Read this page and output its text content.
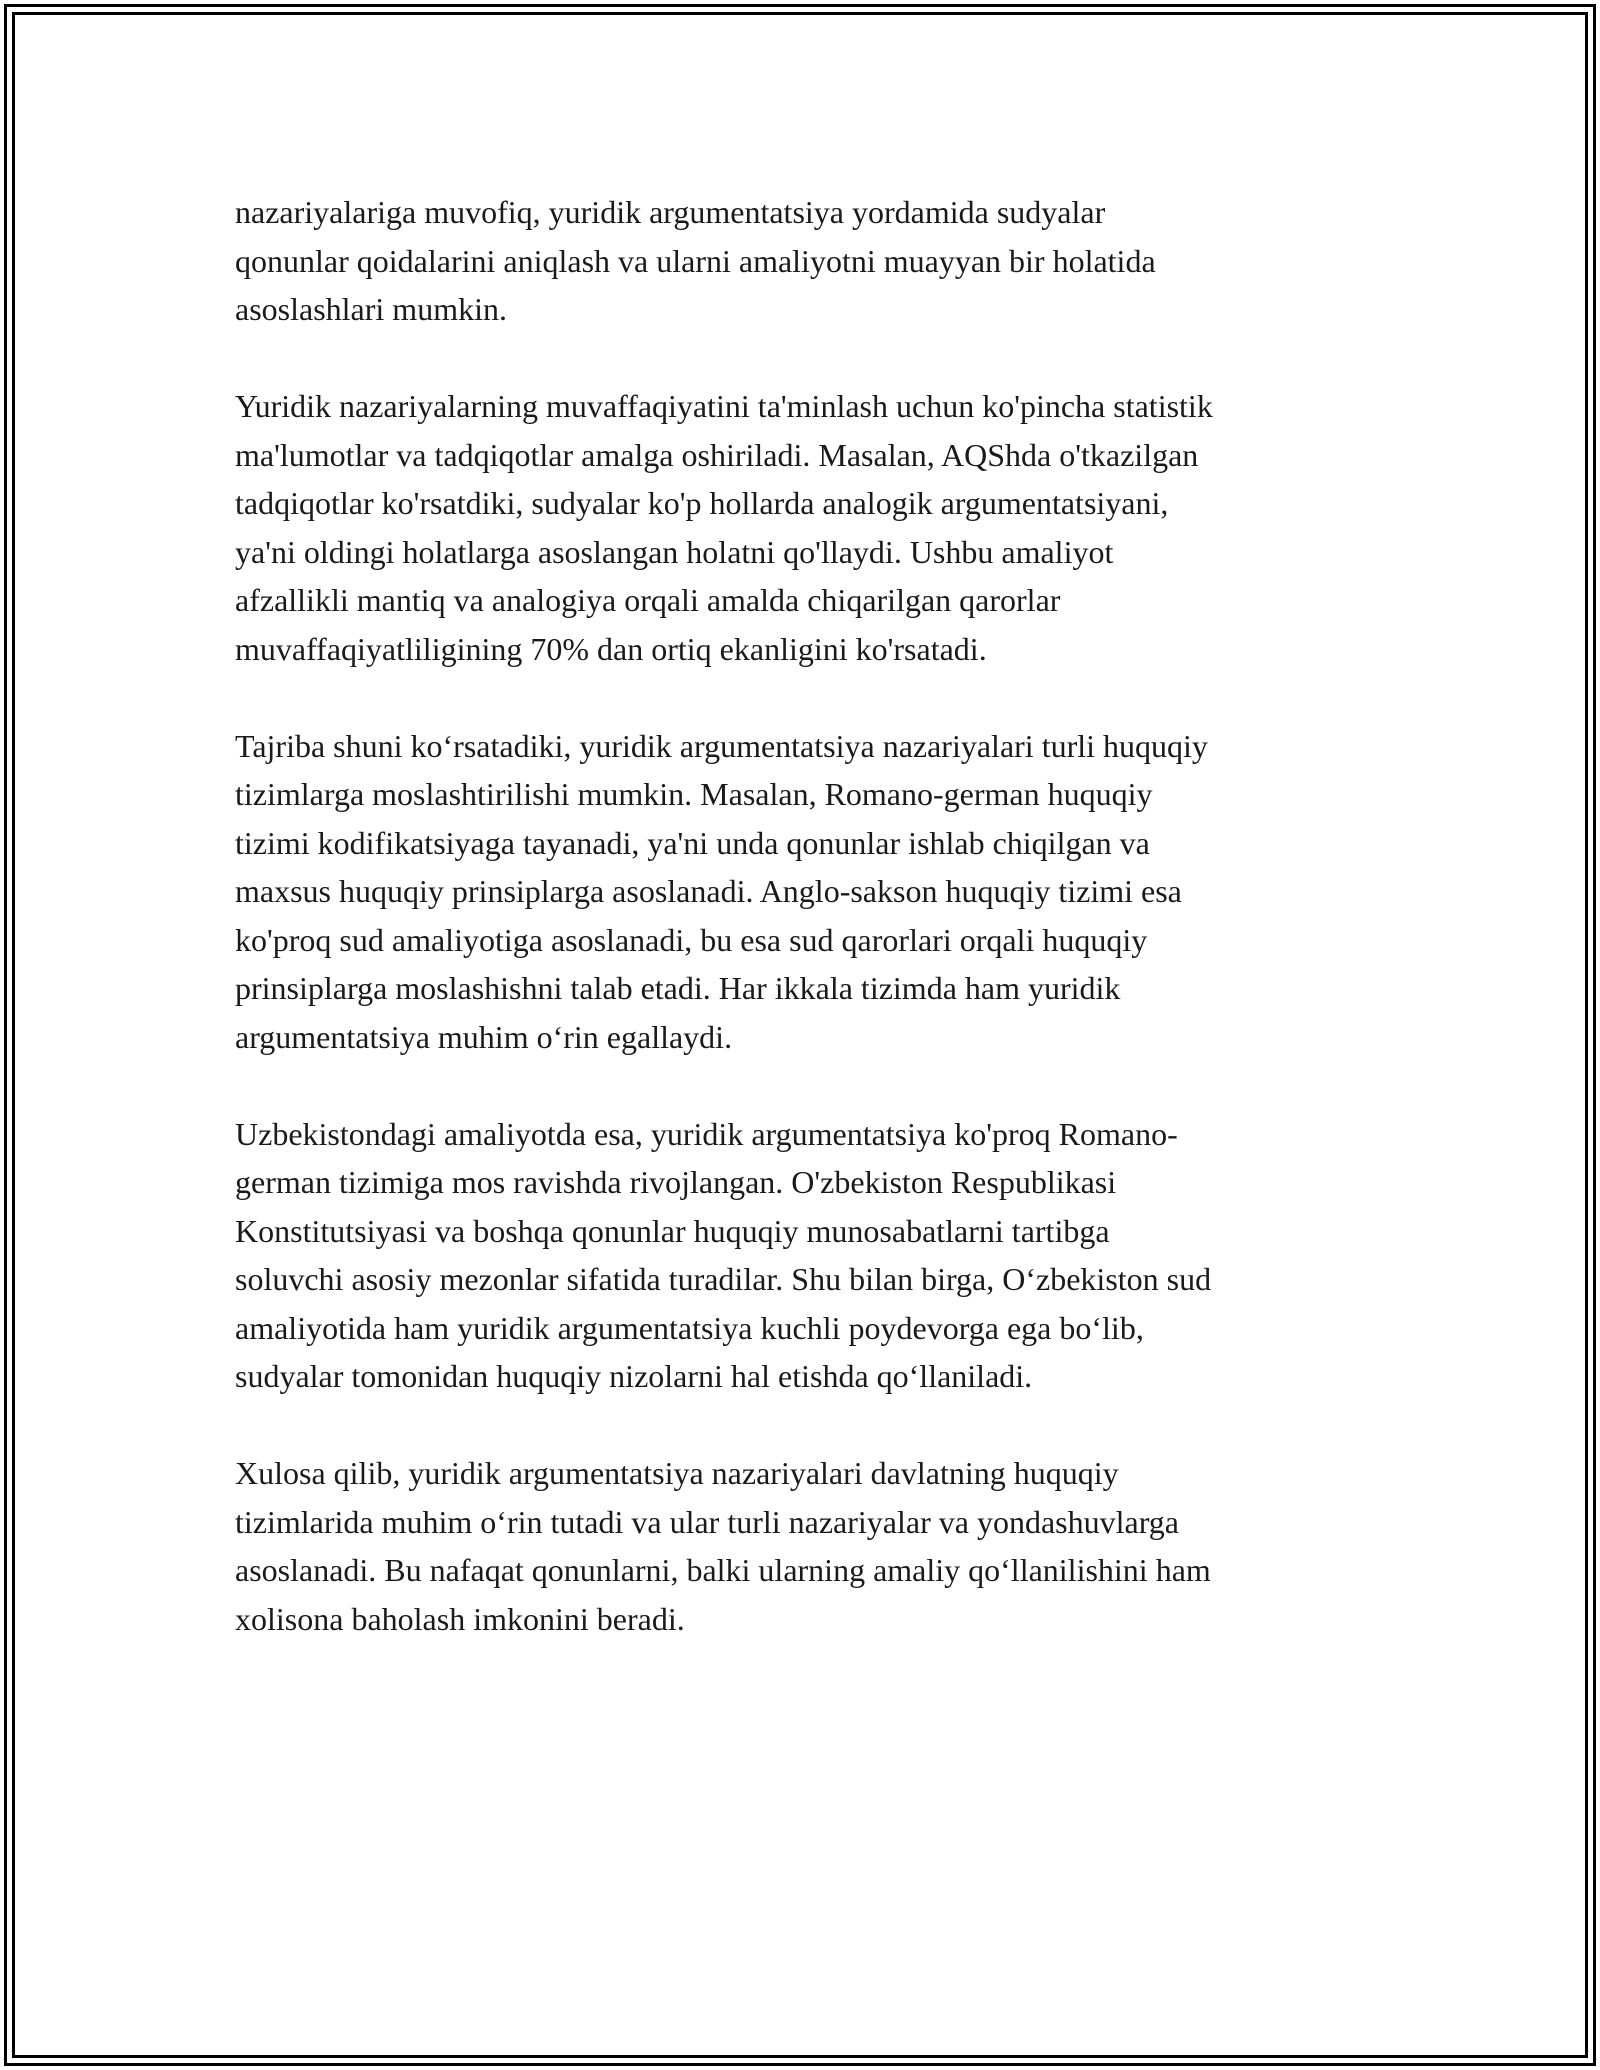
nazariyalariga muvofiq, yuridik argumentatsiya yordamida sudyalar
qonunlar qoidalarini aniqlash va ularni amaliyotni muayyan bir holatida
asoslashlari mumkin.

Yuridik nazariyalarning muvaffaqiyatini ta'minlash uchun ko'pincha statistik
ma'lumotlar va tadqiqotlar amalga oshiriladi. Masalan, AQShda o'tkazilgan
tadqiqotlar ko'rsatdiki, sudyalar ko'p hollarda analogik argumentatsiyani,
ya'ni oldingi holatlarga asoslangan holatni qo'llaydi. Ushbu amaliyot
afzallikli mantiq va analogiya orqali amalda chiqarilgan qarorlar
muvaffaqiyatliligining 70% dan ortiq ekanligini ko'rsatadi.

Tajriba shuni ko‘rsatadiki, yuridik argumentatsiya nazariyalari turli huquqiy
tizimlarga moslashtirilishi mumkin. Masalan, Romano-german huquqiy
tizimi kodifikatsiyaga tayanadi, ya'ni unda qonunlar ishlab chiqilgan va
maxsus huquqiy prinsiplarga asoslanadi. Anglo-sakson huquqiy tizimi esa
ko'proq sud amaliyotiga asoslanadi, bu esa sud qarorlari orqali huquqiy
prinsiplarga moslashishni talab etadi. Har ikkala tizimda ham yuridik
argumentatsiya muhim o‘rin egallaydi.

Uzbekistondagi amaliyotda esa, yuridik argumentatsiya ko'proq Romano-
german tizimiga mos ravishda rivojlangan. O'zbekiston Respublikasi
Konstitutsiyasi va boshqa qonunlar huquqiy munosabatlarni tartibga
soluvchi asosiy mezonlar sifatida turadilar. Shu bilan birga, O‘zbekiston sud
amaliyotida ham yuridik argumentatsiya kuchli poydevorga ega bo‘lib,
sudyalar tomonidan huquqiy nizolarni hal etishda qo‘llaniladi.

Xulosa qilib, yuridik argumentatsiya nazariyalari davlatning huquqiy
tizimlarida muhim o‘rin tutadi va ular turli nazariyalar va yondashuvlarga
asoslanadi. Bu nafaqat qonunlarni, balki ularning amaliy qo‘llanilishini ham
xolisona baholash imkonini beradi.
